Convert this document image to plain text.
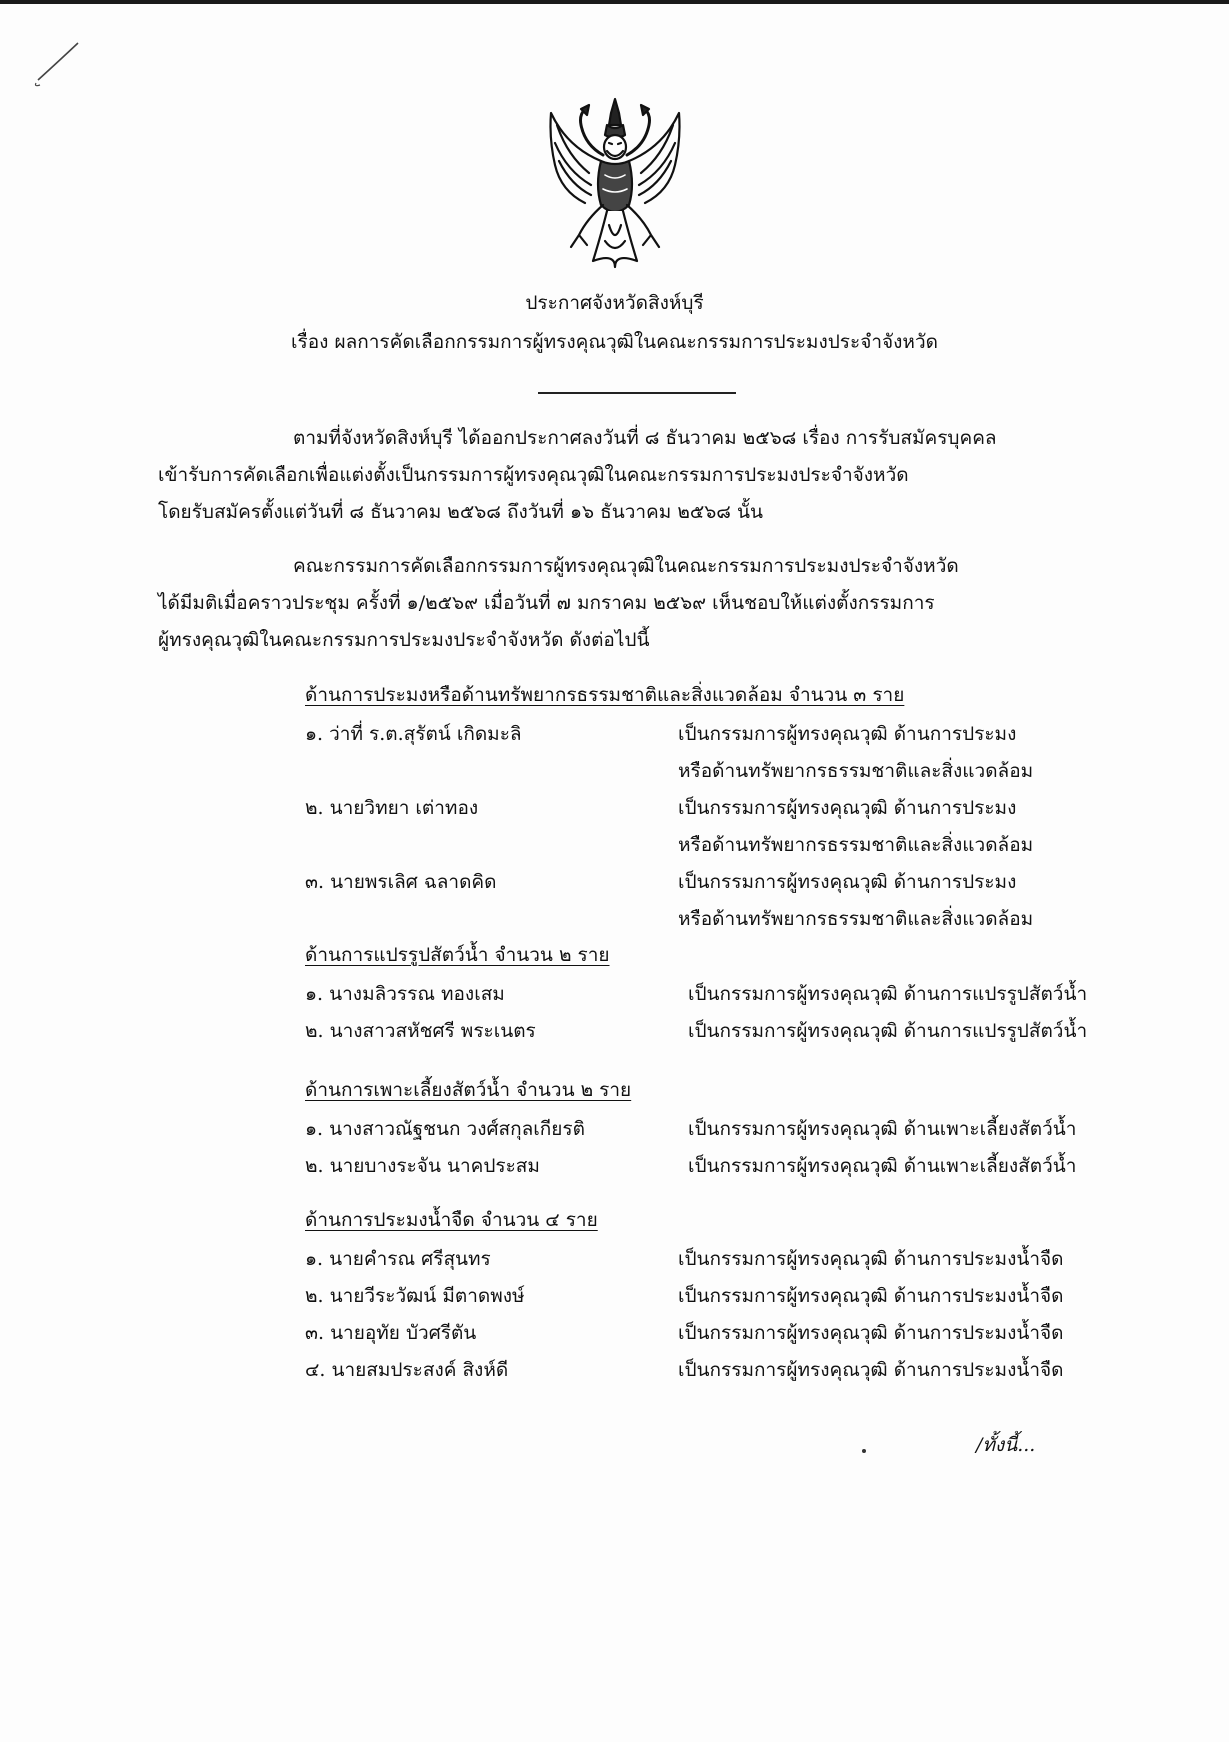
ประกาศจังหวัดสิงห์บุรี
เรื่อง ผลการคัดเลือกกรรมการผู้ทรงคุณวุฒิในคณะกรรมการประมงประจำจังหวัด
ตามที่จังหวัดสิงห์บุรี ได้ออกประกาศลงวันที่ ๘ ธันวาคม ๒๕๖๘ เรื่อง การรับสมัครบุคคล
เข้ารับการคัดเลือกเพื่อแต่งตั้งเป็นกรรมการผู้ทรงคุณวุฒิในคณะกรรมการประมงประจำจังหวัด
โดยรับสมัครตั้งแต่วันที่ ๘ ธันวาคม ๒๕๖๘ ถึงวันที่ ๑๖ ธันวาคม ๒๕๖๘ นั้น
คณะกรรมการคัดเลือกกรรมการผู้ทรงคุณวุฒิในคณะกรรมการประมงประจำจังหวัด
ได้มีมติเมื่อคราวประชุม ครั้งที่ ๑/๒๕๖๙ เมื่อวันที่ ๗ มกราคม ๒๕๖๙ เห็นชอบให้แต่งตั้งกรรมการ
ผู้ทรงคุณวุฒิในคณะกรรมการประมงประจำจังหวัด ดังต่อไปนี้
ด้านการประมงหรือด้านทรัพยากรธรรมชาติและสิ่งแวดล้อม จำนวน ๓ ราย
๑. ว่าที่ ร.ต.สุรัตน์ เกิดมะลิ	เป็นกรรมการผู้ทรงคุณวุฒิ ด้านการประมง
หรือด้านทรัพยากรธรรมชาติและสิ่งแวดล้อม
๒. นายวิทยา เต่าทอง	เป็นกรรมการผู้ทรงคุณวุฒิ ด้านการประมง
หรือด้านทรัพยากรธรรมชาติและสิ่งแวดล้อม
๓. นายพรเลิศ ฉลาดคิด	เป็นกรรมการผู้ทรงคุณวุฒิ ด้านการประมง
หรือด้านทรัพยากรธรรมชาติและสิ่งแวดล้อม
ด้านการแปรรูปสัตว์น้ำ จำนวน ๒ ราย
๑. นางมลิวรรณ ทองเสม	เป็นกรรมการผู้ทรงคุณวุฒิ ด้านการแปรรูปสัตว์น้ำ
๒. นางสาวสหัชศรี พระเนตร	เป็นกรรมการผู้ทรงคุณวุฒิ ด้านการแปรรูปสัตว์น้ำ
ด้านการเพาะเลี้ยงสัตว์น้ำ จำนวน ๒ ราย
๑. นางสาวณัฐชนก วงศ์สกุลเกียรติ	เป็นกรรมการผู้ทรงคุณวุฒิ ด้านเพาะเลี้ยงสัตว์น้ำ
๒. นายบางระจัน นาคประสม	เป็นกรรมการผู้ทรงคุณวุฒิ ด้านเพาะเลี้ยงสัตว์น้ำ
ด้านการประมงน้ำจืด จำนวน ๔ ราย
๑. นายคำรณ ศรีสุนทร	เป็นกรรมการผู้ทรงคุณวุฒิ ด้านการประมงน้ำจืด
๒. นายวีระวัฒน์ มีตาดพงษ์	เป็นกรรมการผู้ทรงคุณวุฒิ ด้านการประมงน้ำจืด
๓. นายอุทัย บัวศรีตัน	เป็นกรรมการผู้ทรงคุณวุฒิ ด้านการประมงน้ำจืด
๔. นายสมประสงค์ สิงห์ดี	เป็นกรรมการผู้ทรงคุณวุฒิ ด้านการประมงน้ำจืด
/ทั้งนี้...
